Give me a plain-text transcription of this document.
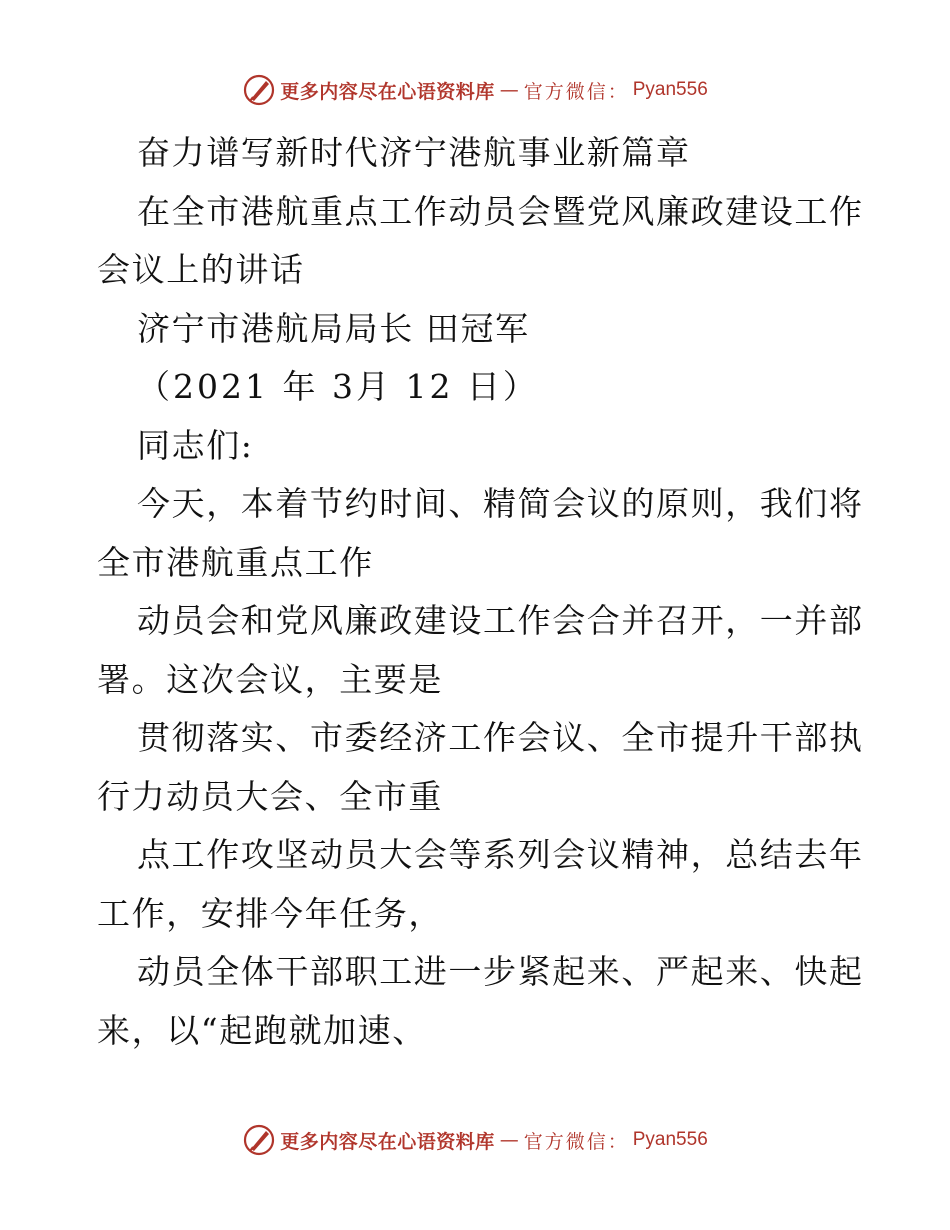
更多内容尽在心语资料库 — 官方微信： Pyan556
奋力谱写新时代济宁港航事业新篇章
在全市港航重点工作动员会暨党风廉政建设工作
会议上的讲话
济宁市港航局局长 田冠军
（2021 年 3月 12 日）
同志们:
今天，本着节约时间、精简会议的原则，我们将
全市港航重点工作
动员会和党风廉政建设工作会合并召开，一并部
署。这次会议，主要是
贯彻落实、市委经济工作会议、全市提升干部执
行力动员大会、全市重
点工作攻坚动员大会等系列会议精神，总结去年
工作，安排今年任务，
动员全体干部职工进一步紧起来、严起来、快起
来，以“起跑就加速、
更多内容尽在心语资料库 — 官方微信： Pyan556
